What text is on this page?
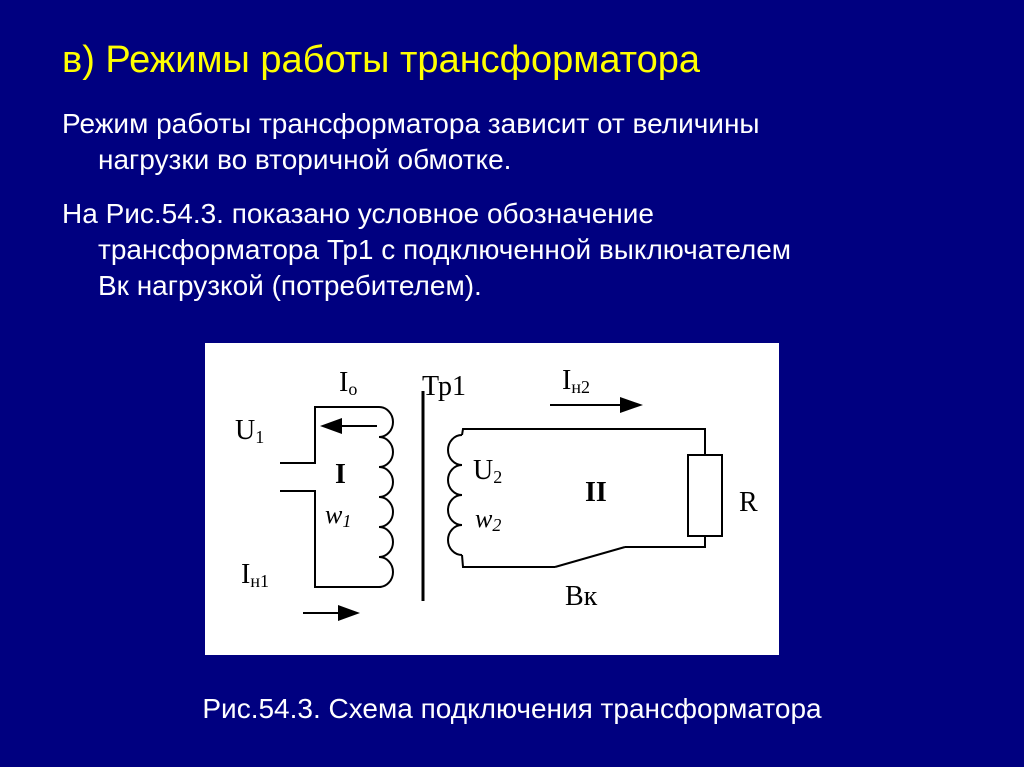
в) Режимы работы трансформатора
Режим работы трансформатора зависит от величины
нагрузки во вторичной обмотке.
На Рис.54.3. показано условное обозначение
трансформатора Тр1 с подключенной выключателем
Вк нагрузкой (потребителем).
Тр1
U1
Io
I
w1
Iн1
Iн2
U2
w2
II	R
Вк
Рис.54.3. Схема подключения трансформатора
